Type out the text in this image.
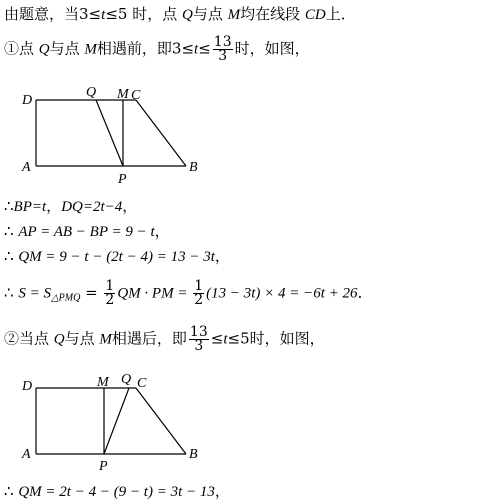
由题意，当3≤t≤5 时，点 Q与点 M均在线段 CD上．
①点 Q与点 M相遇前，即$3\le t\le \frac{13}{3}$ 时，如图，
D
Q M C
A
P
B
∴BP=t，DQ=2t−4，
∴ AP = AB − BP = 9 − t，
∴ QM = 9 − t − (2t − 4) = 13 − 3t，
∴ $S = S_{\triangle PMQ} = \frac{1}{2}$ QM · PM = $\frac{1}{2} (13 - 3t) \times 4 = -6t + 26$．
②当点 Q与点 M相遇后，即 $\frac{13}{3} \le t\le 5$时，如图，
D	M Q C
A
P
B
∴ QM = 2t − 4 − (9 − t) = 3t − 13，
